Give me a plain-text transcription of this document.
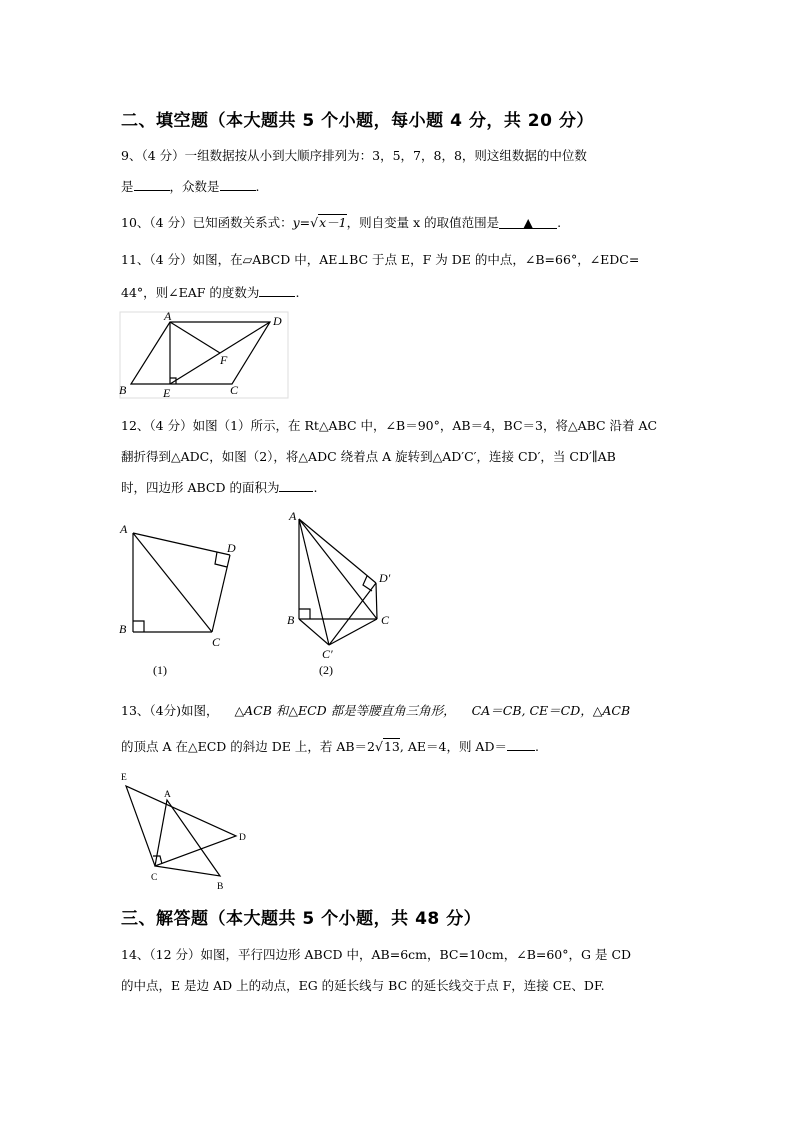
二、填空题（本大题共 5 个小题，每小题 4 分，共 20 分）
9、（4 分）一组数据按从小到大顺序排列为：3，5，7，8，8，则这组数据的中位数
是	，众数是	.
10、（4 分）已知函数关系式：y=√x－1，则自变量 x 的取值范围是 ▲ .
11、（4 分）如图，在▱ABCD 中，AE⊥BC 于点 E，F 为 DE 的中点，∠B=66°，∠EDC=
44°，则∠EAF 的度数为	.
A	D
F
B	E	C
12、（4 分）如图（1）所示，在 Rt△ABC 中，∠B＝90°，AB＝4，BC＝3，将△ABC 沿着 AC
翻折得到△ADC，如图（2），将△ADC 绕着点 A 旋转到△AD′C′，连接 CD′，当 CD′∥AB
时，四边形 ABCD 的面积为	.
A
D
B
C
(1)
A
D′
B	C
C′
(2)
13、（4分)如图， △ACB 和△ECD 都是等腰直角三角形， CA＝CB, CE＝CD，△ACB
的顶点 A 在△ECD 的斜边 DE 上，若 AB＝2√13, AE＝4，则 AD＝ .
E
A
D
C
B
三、解答题（本大题共 5 个小题，共 48 分）
14、（12 分）如图，平行四边形 ABCD 中，AB=6cm，BC=10cm，∠B=60°，G 是 CD
的中点，E 是边 AD 上的动点，EG 的延长线与 BC 的延长线交于点 F，连接 CE、DF.
